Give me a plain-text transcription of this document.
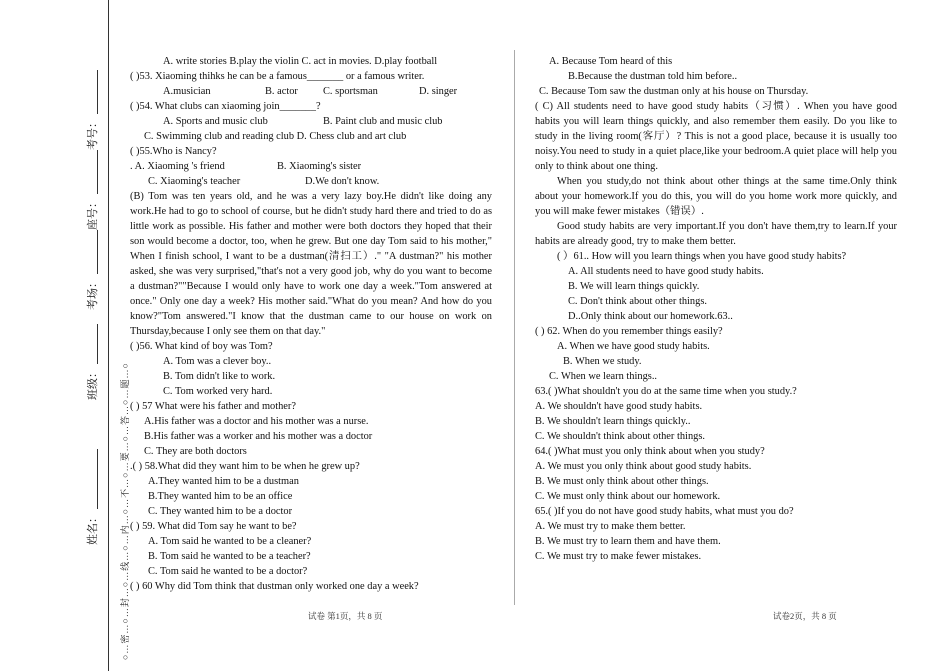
考号：
座号：
考场：
班级：
姓名： ○…密…○…封…○…线…○…内…○…不…○…要…○…答…○…题…○
A. write stories B.play the violin C. act in movies. D.play football
( )53. Xiaoming thihks he can be a famous_______ or a famous writer.
A.musician	B. actor C. sportsman	D. singer
( )54. What clubs can xiaoming join_______?
A. Sports and music club	B. Paint club and music club
C. Swimming club and reading club D. Chess club and art club
( )55.Who is Nancy?
. A. Xiaoming 's friend	B. Xiaoming's sister
C. Xiaoming's teacher	D.We don't know.
(B) Tom was ten years old, and he was a very lazy boy.He didn't like doing any work.He had to go to school of course, but he didn't study hard there and tried to do as little work as possible. His father and mother were both doctors they hoped that their son would become a doctor, too, when he grew. But one day Tom said to his mother," When I finish school, I want to be a dustman(清扫工）." "A dustman?" his mother asked, she was very surprised,"that's not a very good job, why do you want to become a dustman?""Because I would only have to work one day a week."Tom answered at once." Only one day a week? His mother said."What do you mean? And how do you know?"Tom answered."I know that the dustman came to our house on work on Thursday,because I only see them on that day."
( )56. What kind of boy was Tom?
A. Tom was a clever boy..
B. Tom didn't like to work.
C. Tom worked very hard.
( ) 57 What were his father and mother?
A.His father was a doctor and his mother was a nurse.
B.His father was a worker and his mother was a doctor
C. They are both doctors
.( ) 58.What did they want him to be when he grew up?
A.They wanted him to be a dustman
B.They wanted him to be an office
C. They wanted him to be a doctor
( ) 59. What did Tom say he want to be?
A. Tom said he wanted to be a cleaner?
B. Tom said he wanted to be a teacher?
C. Tom said he wanted to be a doctor?
( ) 60 Why did Tom think that dustman only worked one day a week?
试卷 第1页，共 8 页
A. Because Tom heard of this
B.Because the dustman told him before..
C. Because Tom saw the dustman only at his house on Thursday.
( C) All students need to have good study habits（习惯）. When you have good habits you will learn things quickly, and also remember them easily. Do you like to study in the living room(客厅）? This is not a good place, because it is usually too noisy.You need to study in a quiet place,like your bedroom.A quiet place will help you only to think about one thing.
When you study,do not think about other things at the same time.Only think about your homework.If you do this, you will do you home work more quickly, and you will make fewer mistakes（错误）.
Good study habits are very important.If you don't have them,try to learn.If your habits are already good, try to make them better.
( ）61.. How will you learn things when you have good study habits?
A. All students need to have good study habits.
B. We will learn things quickly.
C. Don't think about other things.
D..Only think about our homework.63..
( ) 62. When do you remember things easily?
A. When we have good study habits.
B. When we study.
C. When we learn things..
63.( )What shouldn't you do at the same time when you study.?
A. We shouldn't have good study habits.
B. We shouldn't learn things quickly..
C. We shouldn't think about other things.
64.( )What must you only think about when you study?
A. We must you only think about good study habits.
B. We must only think about other things.
C. We must only think about our homework.
65.( )If you do not have good study habits, what must you do?
A. We must try to make them better.
B. We must try to learn them and have them.
C. We must try to make fewer mistakes.
试卷2页，共 8 页
